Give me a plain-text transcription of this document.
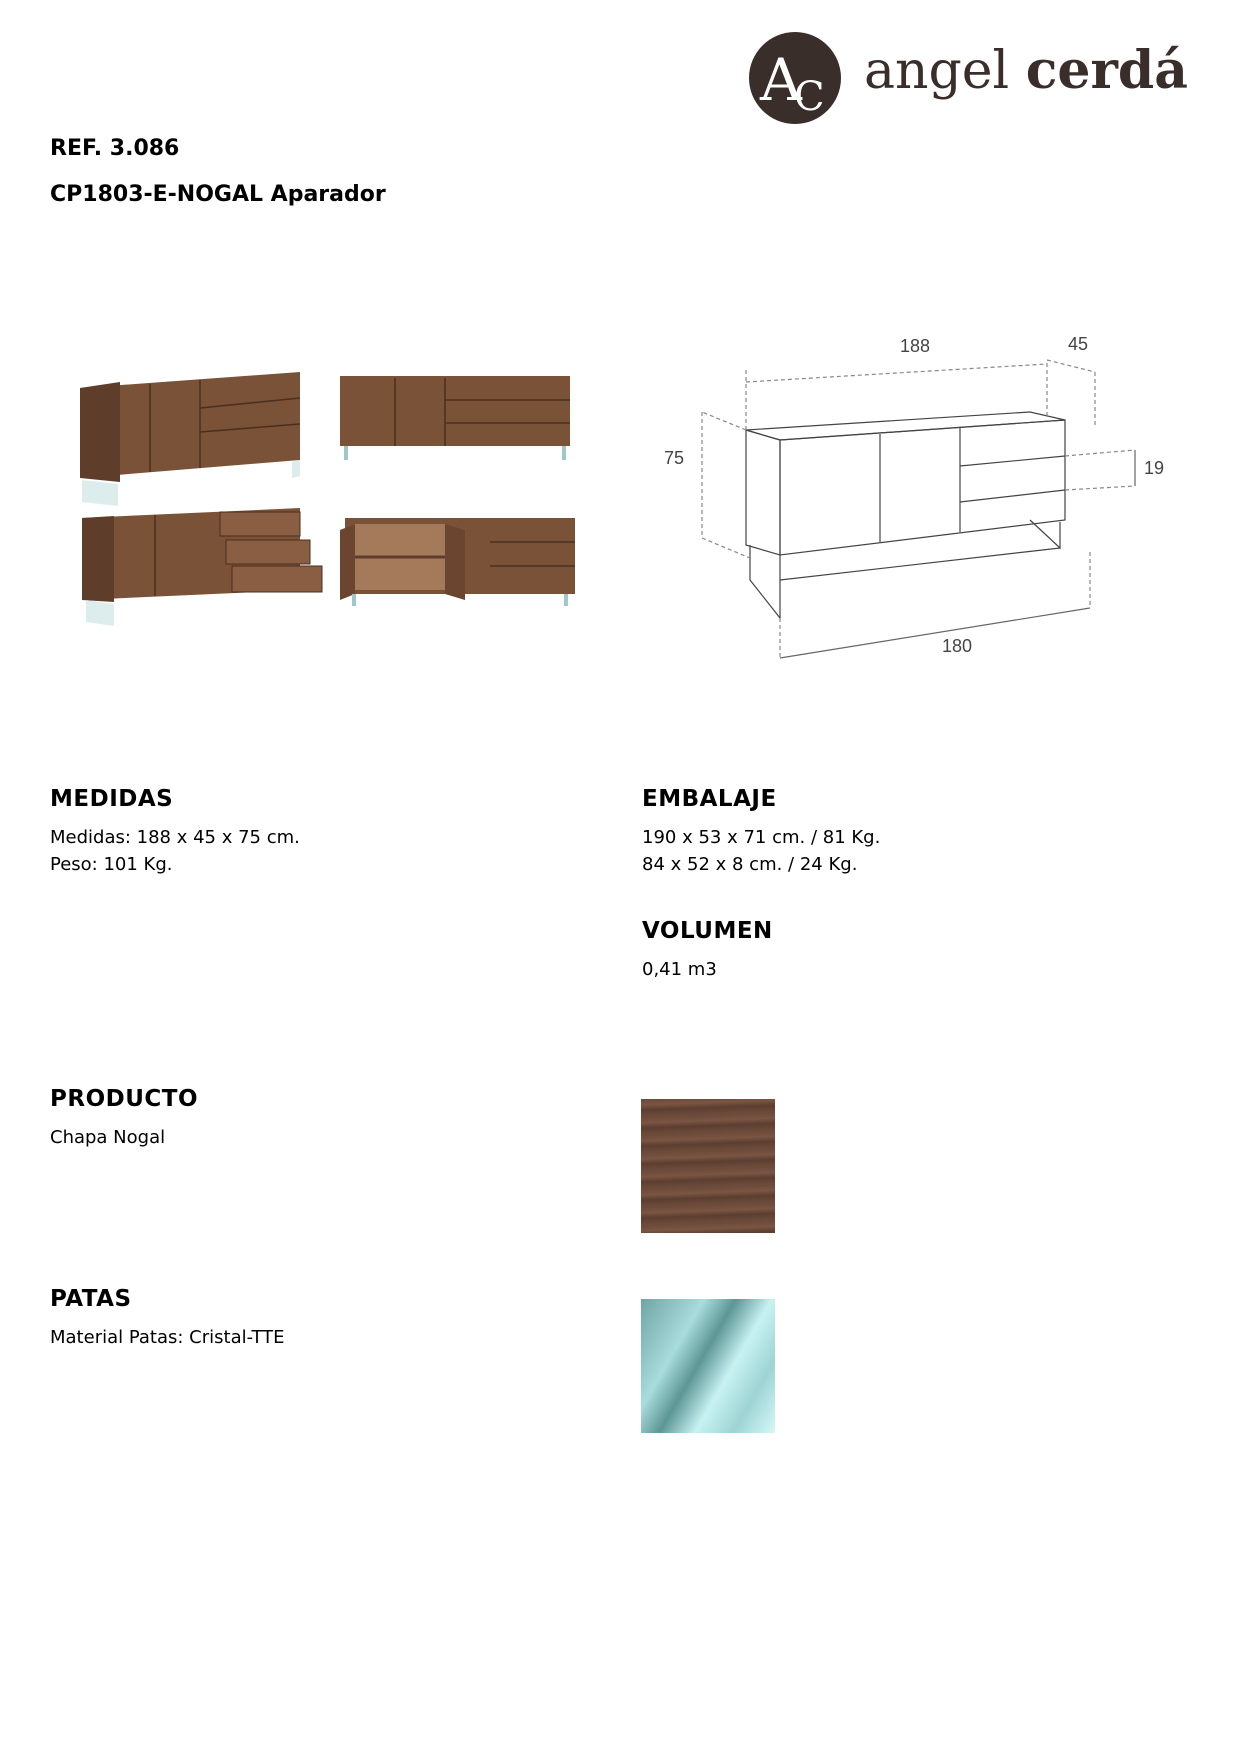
A
C angel cerdá
REF. 3.086
CP1803-E-NOGAL Aparador
188	45
75	19
180
MEDIDAS

Medidas: 188 x 45 x 75 cm.

Peso: 101 Kg.

EMBALAJE

190 x 53 x 71 cm. / 81 Kg.

84 x 52 x 8 cm. / 24 Kg.

VOLUMEN

0,41 m3

PRODUCTO

Chapa Nogal

PATAS

Material Patas: Cristal-TTE
